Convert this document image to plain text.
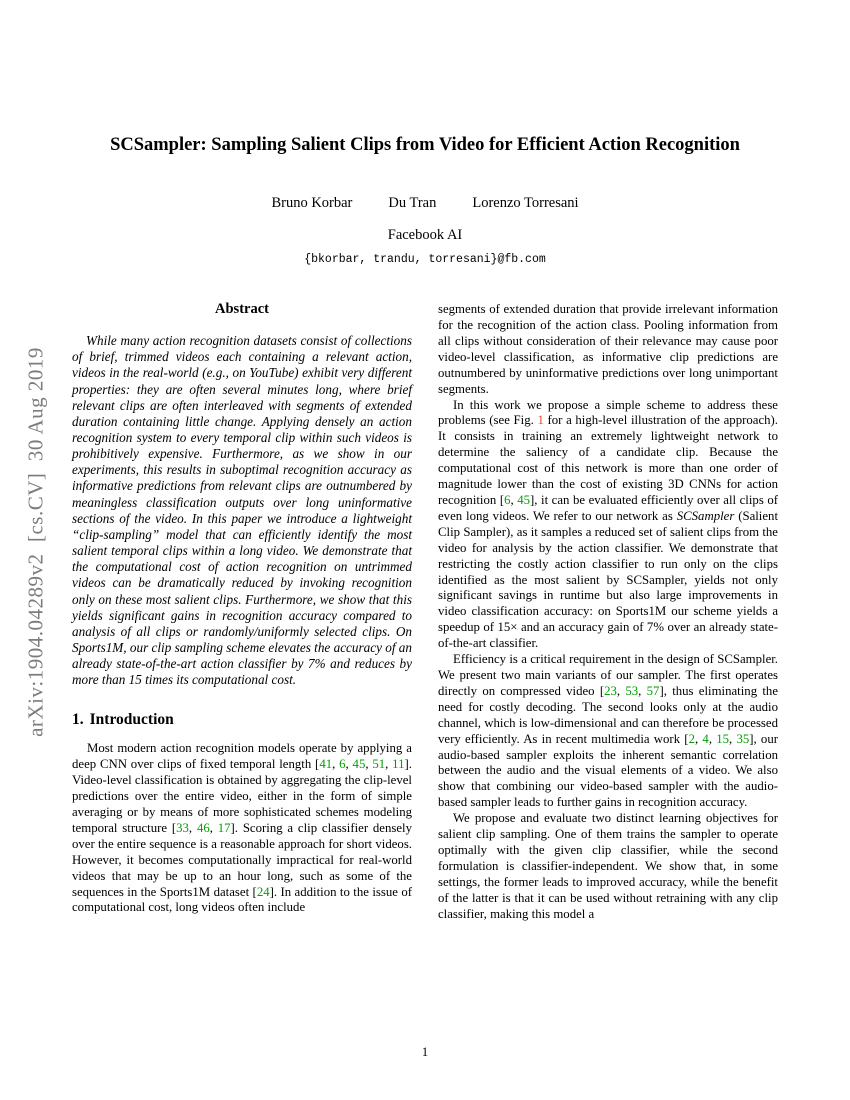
arXiv:1904.04289v2  [cs.CV]  30 Aug 2019
SCSampler: Sampling Salient Clips from Video for Efficient Action Recognition
Bruno Korbar Du Tran Lorenzo Torresani
Facebook AI
{bkorbar, trandu, torresani}@fb.com
Abstract
While many action recognition datasets consist of collections of brief, trimmed videos each containing a relevant action, videos in the real-world (e.g., on YouTube) exhibit very different properties: they are often several minutes long, where brief relevant clips are often interleaved with segments of extended duration containing little change. Applying densely an action recognition system to every temporal clip within such videos is prohibitively expensive. Furthermore, as we show in our experiments, this results in suboptimal recognition accuracy as informative predictions from relevant clips are outnumbered by meaningless classification outputs over long uninformative sections of the video. In this paper we introduce a lightweight “clip-sampling” model that can efficiently identify the most salient temporal clips within a long video. We demonstrate that the computational cost of action recognition on untrimmed videos can be dramatically reduced by invoking recognition only on these most salient clips. Furthermore, we show that this yields significant gains in recognition accuracy compared to analysis of all clips or randomly/uniformly selected clips. On Sports1M, our clip sampling scheme elevates the accuracy of an already state-of-the-art action classifier by 7% and reduces by more than 15 times its computational cost.
1. Introduction

Most modern action recognition models operate by applying a deep CNN over clips of fixed temporal length [41, 6, 45, 51, 11]. Video-level classification is obtained by aggregating the clip-level predictions over the entire video, either in the form of simple averaging or by means of more sophisticated schemes modeling temporal structure [33, 46, 17]. Scoring a clip classifier densely over the entire sequence is a reasonable approach for short videos. However, it becomes computationally impractical for real-world videos that may be up to an hour long, such as some of the sequences in the Sports1M dataset [24]. In addition to the issue of computational cost, long videos often include

segments of extended duration that provide irrelevant information for the recognition of the action class. Pooling information from all clips without consideration of their relevance may cause poor video-level classification, as informative clip predictions are outnumbered by uninformative predictions over long unimportant segments.

In this work we propose a simple scheme to address these problems (see Fig. 1 for a high-level illustration of the approach). It consists in training an extremely lightweight network to determine the saliency of a candidate clip. Because the computational cost of this network is more than one order of magnitude lower than the cost of existing 3D CNNs for action recognition [6, 45], it can be evaluated efficiently over all clips of even long videos. We refer to our network as SCSampler (Salient Clip Sampler), as it samples a reduced set of salient clips from the video for analysis by the action classifier. We demonstrate that restricting the costly action classifier to run only on the clips identified as the most salient by SCSampler, yields not only significant savings in runtime but also large improvements in video classification accuracy: on Sports1M our scheme yields a speedup of 15× and an accuracy gain of 7% over an already state-of-the-art classifier.

Efficiency is a critical requirement in the design of SCSampler. We present two main variants of our sampler. The first operates directly on compressed video [23, 53, 57], thus eliminating the need for costly decoding. The second looks only at the audio channel, which is low-dimensional and can therefore be processed very efficiently. As in recent multimedia work [2, 4, 15, 35], our audio-based sampler exploits the inherent semantic correlation between the audio and the visual elements of a video. We also show that combining our video-based sampler with the audio-based sampler leads to further gains in recognition accuracy.

We propose and evaluate two distinct learning objectives for salient clip sampling. One of them trains the sampler to operate optimally with the given clip classifier, while the second formulation is classifier-independent. We show that, in some settings, the former leads to improved accuracy, while the benefit of the latter is that it can be used without retraining with any clip classifier, making this model a

1
